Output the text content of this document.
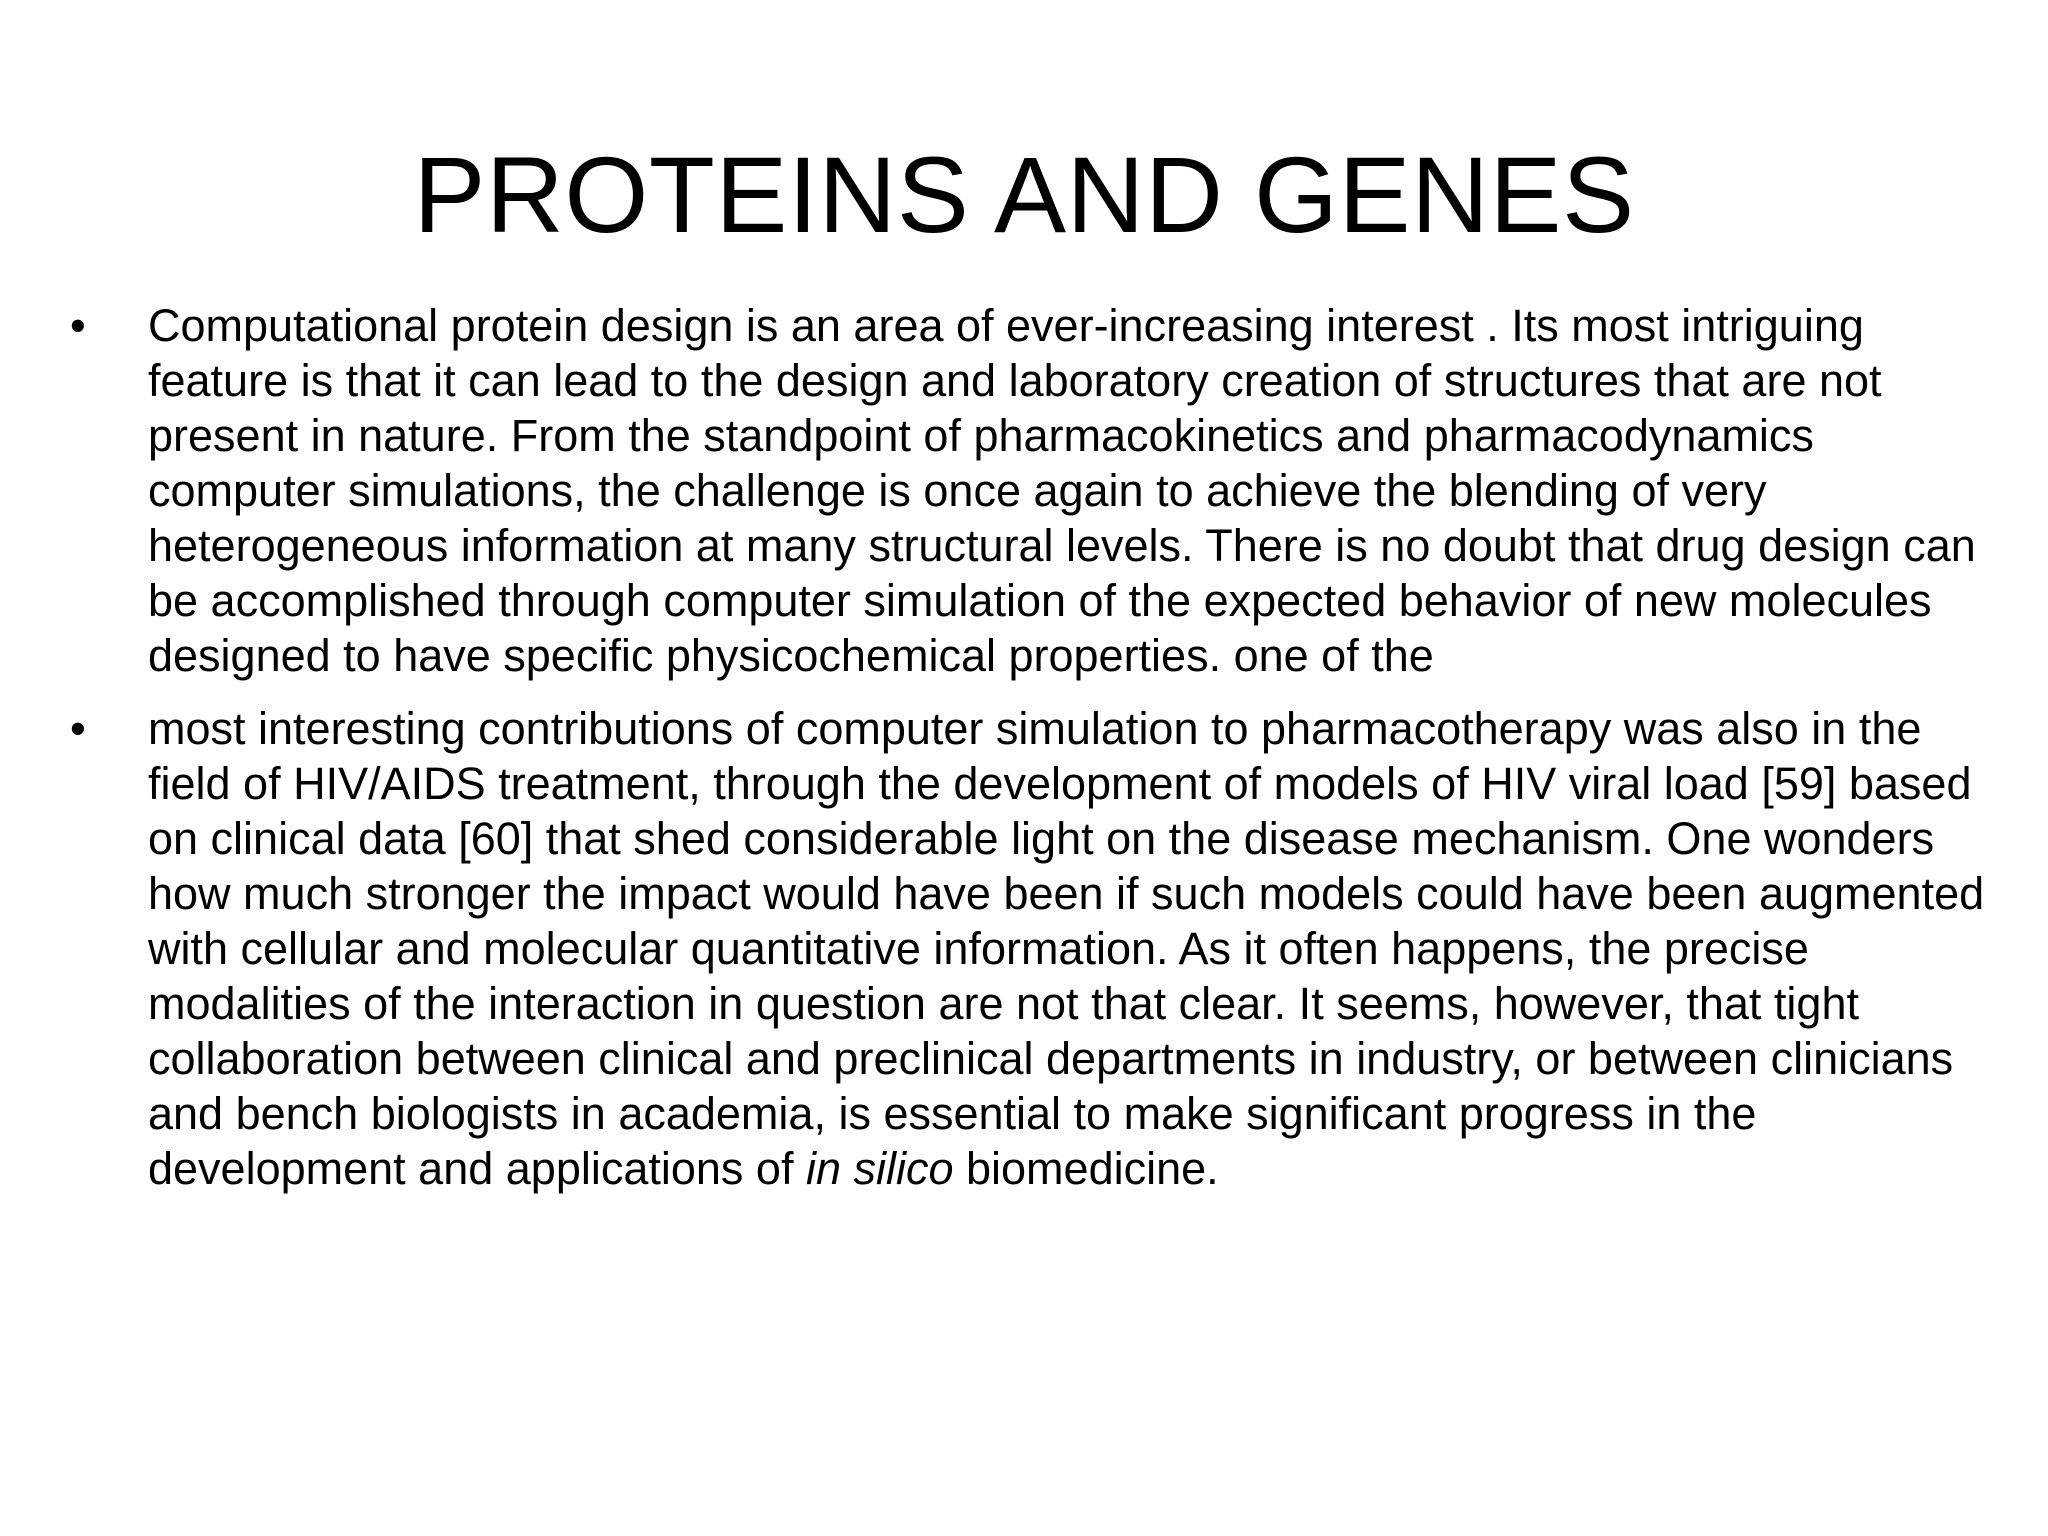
PROTEINS AND GENES
•	Computational protein design is an area of ever-increasing interest . Its most intriguing feature is that it can lead to the design and laboratory creation of structures that are not present in nature. From the standpoint of pharmacokinetics and pharmacodynamics computer simulations, the challenge is once again to achieve the blending of very heterogeneous information at many structural levels. There is no doubt that drug design can be accomplished through computer simulation of the expected behavior of new molecules designed to have specific physicochemical properties. one of the
•	most interesting contributions of computer simulation to pharmacotherapy was also in the field of HIV/AIDS treatment, through the development of models of HIV viral load [59] based on clinical data [60] that shed considerable light on the disease mechanism. One wonders how much stronger the impact would have been if such models could have been augmented with cellular and molecular quantitative information. As it often happens, the precise modalities of the interaction in question are not that clear. It seems, however, that tight collaboration between clinical and preclinical departments in industry, or between clinicians and bench biologists in academia, is essential to make significant progress in the development and applications of in silico biomedicine.
